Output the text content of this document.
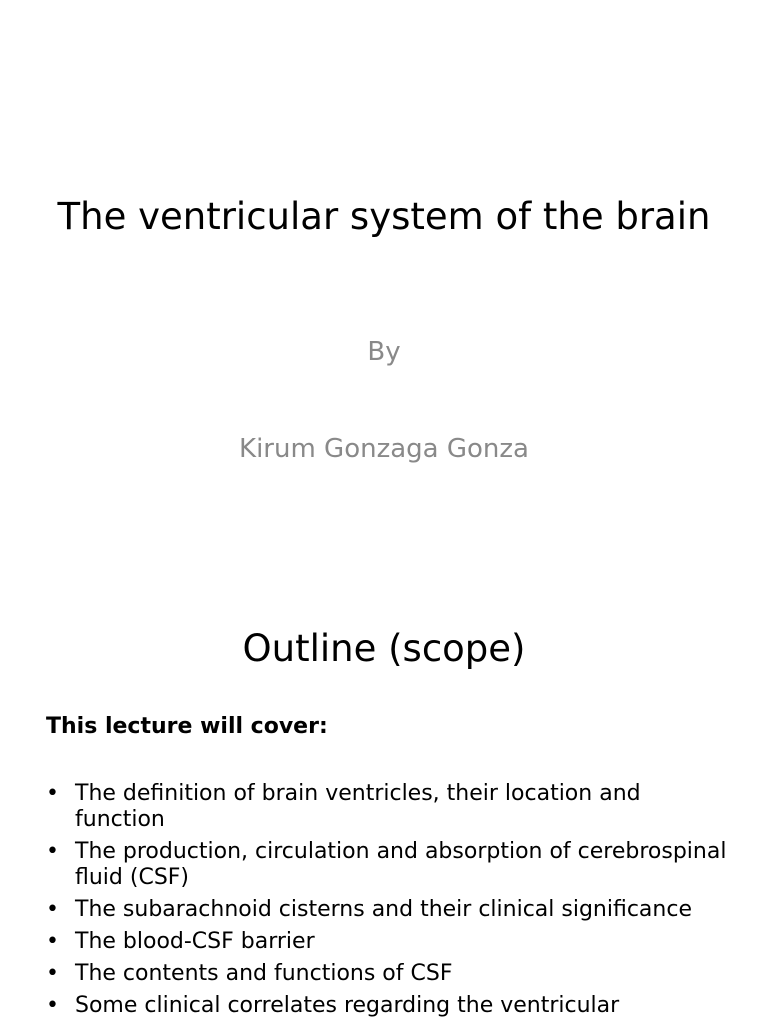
The ventricular system of the brain

By

Kirum Gonzaga Gonza

Outline (scope)

This lecture will cover:

• The definition of brain ventricles, their location and function
• The production, circulation and absorption of cerebrospinal fluid (CSF)
• The subarachnoid cisterns and their clinical significance
• The blood-CSF barrier
• The contents and functions of CSF
• Some clinical correlates regarding the ventricular
